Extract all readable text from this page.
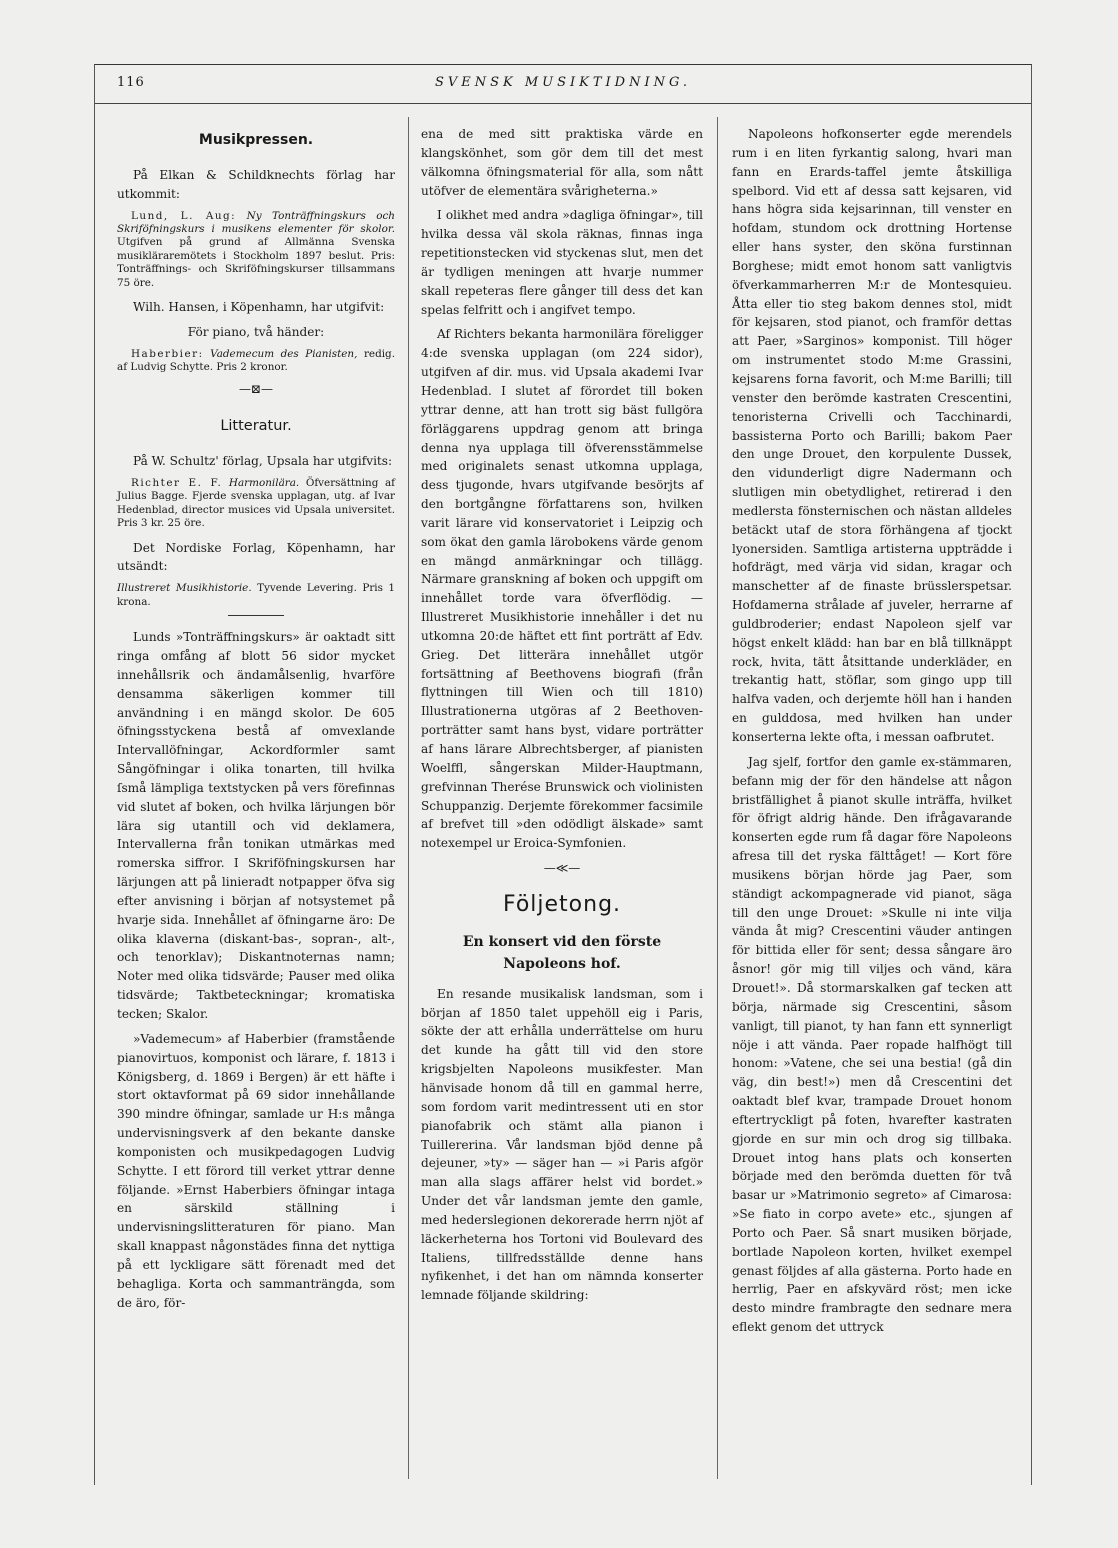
116	SVENSK MUSIKTIDNING.
Musikpressen.

På Elkan & Schildknechts förlag har utkommit:

Lund, L. Aug: Ny Tonträffningskurs och Skriföfningskurs i musikens elementer för skolor. Utgifven på grund af Allmänna Svenska musikläraremötets i Stockholm 1897 beslut. Pris: Tonträffnings- och Skriföfningskurser tillsammans 75 öre.

Wilh. Hansen, i Köpenhamn, har utgifvit:

För piano, två händer:

Haberbier: Vademecum des Pianisten, redig. af Ludvig Schytte. Pris 2 kronor.

—⊠—
Litteratur.

På W. Schultz' förlag, Upsala har utgifvits:

Richter E. F. Harmonilära. Öfversättning af Julius Bagge. Fjerde svenska upplagan, utg. af Ivar Hedenblad, director musices vid Upsala universitet. Pris 3 kr. 25 öre.

Det Nordiske Forlag, Köpenhamn, har utsändt:

Illustreret Musikhistorie. Tyvende Levering. Pris 1 krona.

Lunds »Tonträffningskurs» är oaktadt sitt ringa omfång af blott 56 sidor mycket innehållsrik och ändamålsenlig, hvarföre densamma säkerligen kommer till användning i en mängd skolor. De 605 öfningsstyckena bestå af omvexlande Intervallöfningar, Ackordformler samt Sångöfningar i olika tonarten, till hvilka ſsmå lämpliga textstycken på vers förefinnas vid slutet af boken, och hvilka lärjungen bör lära sig utantill och vid deklamera, Intervallerna från tonikan utmärkas med romerska siffror. I Skriföfningskursen har lärjungen att på linieradt notpapper öfva sig efter anvisning i början af notsystemet på hvarje sida. Innehållet af öfningarne äro: De olika klaverna (diskant-bas-, sopran-, alt-, och tenorklav); Diskantnoternas namn; Noter med olika tidsvärde; Pauser med olika tidsvärde; Taktbeteckningar; kromatiska tecken; Skalor.

»Vademecum» af Haberbier (framstående pianovirtuos, komponist och lärare, f. 1813 i Königsberg, d. 1869 i Bergen) är ett häfte i stort oktavformat på 69 sidor innehållande 390 mindre öfningar, samlade ur H:s många undervisningsverk af den bekante danske komponisten och musikpedagogen Ludvig Schytte. I ett förord till verket yttrar denne följande. »Ernst Haberbiers öfningar intaga en särskild ställning i undervisningslitteraturen för piano. Man skall knappast någonstädes finna det nyttiga på ett lyckligare sätt förenadt med det behagliga. Korta och sammanträngda, som de äro, för-

ena de med sitt praktiska värde en klangskönhet, som gör dem till det mest välkomna öfningsmaterial för alla, som nått utöfver de elementära svårigheterna.»

I olikhet med andra »dagliga öfningar», till hvilka dessa väl skola räknas, finnas inga repetitionstecken vid styckenas slut, men det är tydligen meningen att hvarje nummer skall repeteras flere gånger till dess det kan spelas felfritt och i angifvet tempo.

Af Richters bekanta harmonilära föreligger 4:de svenska upplagan (om 224 sidor), utgifven af dir. mus. vid Upsala akademi Ivar Hedenblad. I slutet af förordet till boken yttrar denne, att han trott sig bäst fullgöra förläggarens uppdrag genom att bringa denna nya upplaga till öfverensstämmelse med originalets senast utkomna upplaga, dess tjugonde, hvars utgifvande besörjts af den bortgångne författarens son, hvilken varit lärare vid konservatoriet i Leipzig och som ökat den gamla lärobokens värde genom en mängd anmärkningar och tillägg. Närmare granskning af boken och uppgift om innehållet torde vara öfverflödig. — Illustreret Musikhistorie innehåller i det nu utkomna 20:de häftet ett fint porträtt af Edv. Grieg. Det litterära innehållet utgör fortsättning af Beethovens biografi (från flyttningen till Wien och till 1810) Illustrationerna utgöras af 2 Beethoven-porträtter samt hans byst, vidare porträtter af hans lärare Albrechtsberger, af pianisten Woelffl, sångerskan Milder-Hauptmann, grefvinnan Therése Brunswick och violinisten Schuppanzig. Derjemte förekommer facsimile af brefvet till »den odödligt älskade» samt notexempel ur Eroica-Symfonien.

—≪—
Följetong.
En konsert vid den förste Napoleons hof.

En resande musikalisk landsman, som i början af 1850 talet uppehöll eig i Paris, sökte der att erhålla underrättelse om huru det kunde ha gått till vid den store krigsbjelten Napoleons musikfester. Man hänvisade honom då till en gammal herre, som fordom varit medintressent uti en stor pianofabrik och stämt alla pianon i Tuillererina. Vår landsman bjöd denne på dejeuner, »ty» — säger han — »i Paris afgör man alla slags affärer helst vid bordet.» Under det vår landsman jemte den gamle, med hederslegionen dekorerade herrn njöt af läckerheterna hos Tortoni vid Boulevard des Italiens, tillfredsställde denne hans nyfikenhet, i det han om nämnda konserter lemnade följande skildring:

Napoleons hofkonserter egde merendels rum i en liten fyrkantig salong, hvari man fann en Erards-taffel jemte åtskilliga spelbord. Vid ett af dessa satt kejsaren, vid hans högra sida kejsarinnan, till venster en hofdam, stundom ock drottning Hortense eller hans syster, den sköna furstinnan Borghese; midt emot honom satt vanligtvis öfverkammarherren M:r de Montesquieu. Åtta eller tio steg bakom dennes stol, midt för kejsaren, stod pianot, och framför dettas att Paer, »Sarginos» komponist. Till höger om instrumentet stodo M:me Grassini, kejsarens forna favorit, och M:me Barilli; till venster den berömde kastraten Crescentini, tenoristerna Crivelli och Tacchinardi, bassisterna Porto och Barilli; bakom Paer den unge Drouet, den korpulente Dussek, den vidunderligt digre Nadermann och slutligen min obetydlighet, retirerad i den medlersta fönsternischen och nästan alldeles betäckt utaf de stora förhängena af tjockt lyonersiden. Samtliga artisterna uppträdde i hofdrägt, med värja vid sidan, kragar och manschetter af de finaste brüsslerspetsar. Hofdamerna strålade af juveler, herrarne af guldbroderier; endast Napoleon sjelf var högst enkelt klädd: han bar en blå tillknäppt rock, hvita, tätt åtsittande underkläder, en trekantig hatt, stöflar, som gingo upp till halfva vaden, och derjemte höll han i handen en gulddosa, med hvilken han under konserterna lekte ofta, i messan oafbrutet.

Jag sjelf, fortfor den gamle ex-stämmaren, befann mig der för den händelse att någon bristfällighet å pianot skulle inträffa, hvilket för öfrigt aldrig hände. Den ifrågavarande konserten egde rum få dagar före Napoleons afresa till det ryska fälttåget! — Kort före musikens början hörde jag Paer, som ständigt ackompagnerade vid pianot, säga till den unge Drouet: »Skulle ni inte vilja vända åt mig? Crescentini väuder antingen för bittida eller för sent; dessa sångare äro åsnor! gör mig till viljes och vänd, kära Drouet!». Då stormarskalken gaf tecken att börja, närmade sig Crescentini, såsom vanligt, till pianot, ty han fann ett synnerligt nöje i att vända. Paer ropade halfhögt till honom: »Vatene, che sei una bestia! (gå din väg, din best!») men då Crescentini det oaktadt blef kvar, trampade Drouet honom eftertryckligt på foten, hvarefter kastraten gjorde en sur min och drog sig tillbaka. Drouet intog hans plats och konserten började med den berömda duetten för två basar ur »Matrimonio segreto» af Cimarosa: »Se fiato in corpo avete» etc., sjungen af Porto och Paer. Så snart musiken började, bortlade Napoleon korten, hvilket exempel genast följdes af alla gästerna. Porto hade en herrlig, Paer en afskyvärd röst; men icke desto mindre frambragte den sednare mera eflekt genom det uttryck
